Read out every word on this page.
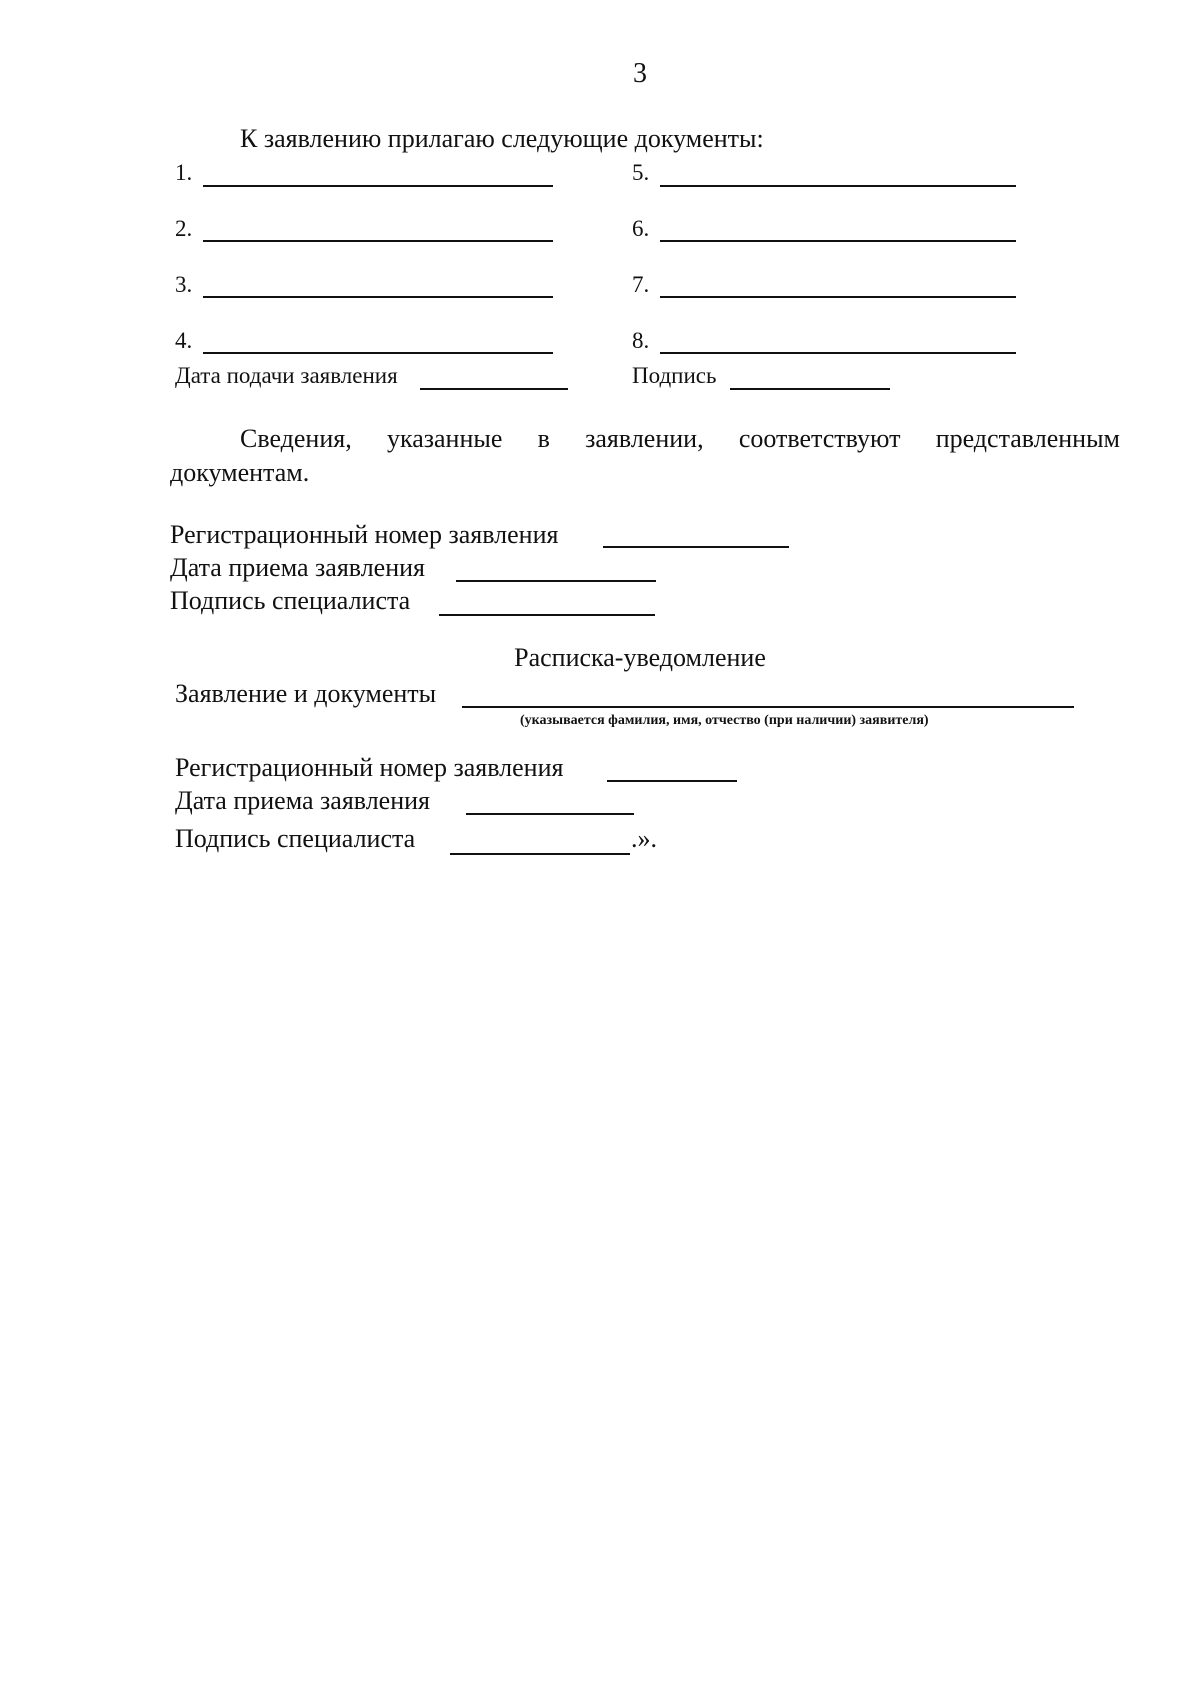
3
К заявлению прилагаю следующие документы:
1.
2.
3.
4.
5.
6.
7.
8.
Дата подачи заявления	Подпись
Сведения, указанные в заявлении, соответствуют представленным
документам.
Регистрационный номер заявления
Дата приема заявления
Подпись специалиста
Расписка-уведомление
Заявление и документы
(указывается фамилия, имя, отчество (при наличии) заявителя)
Регистрационный номер заявления
Дата приема заявления
Подпись специалиста	.».
